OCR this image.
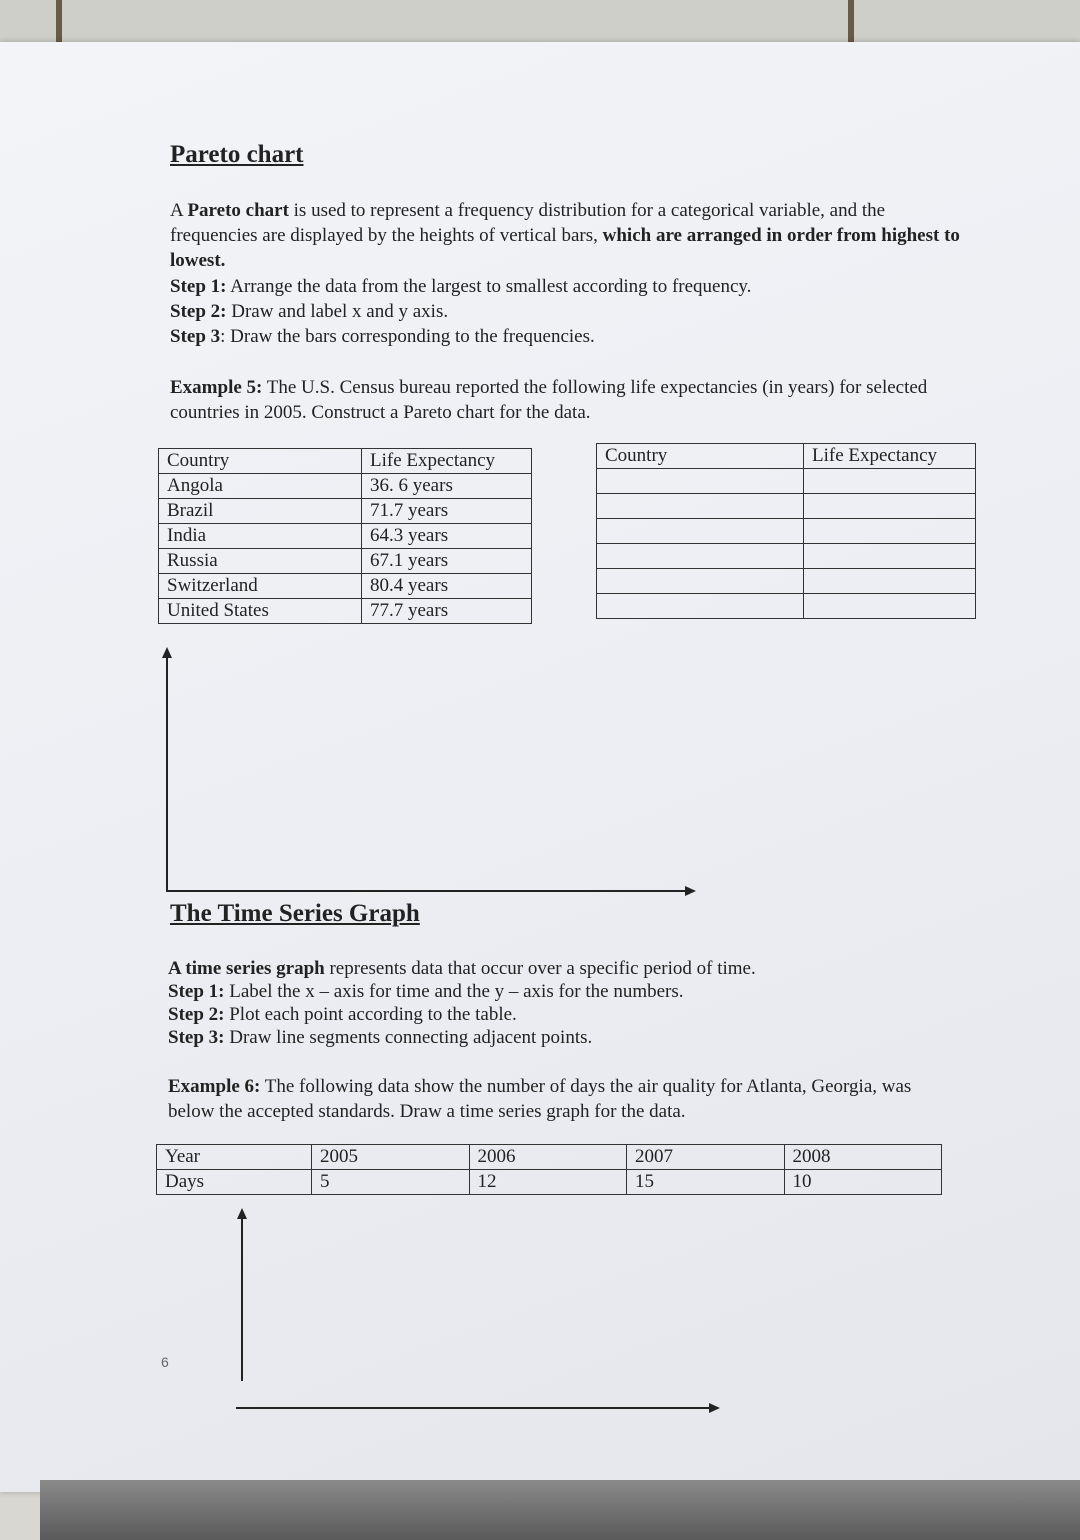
Pareto chart
A Pareto chart is used to represent a frequency distribution for a categorical variable, and the frequencies are displayed by the heights of vertical bars, which are arranged in order from highest to lowest.
Step 1: Arrange the data from the largest to smallest according to frequency.
Step 2: Draw and label x and y axis.
Step 3: Draw the bars corresponding to the frequencies.
Example 5: The U.S. Census bureau reported the following life expectancies (in years) for selected countries in 2005. Construct a Pareto chart for the data.
Country	Life Expectancy
Angola	36. 6 years
Brazil	71.7 years
India	64.3 years
Russia	67.1 years
Switzerland	80.4 years
United States	77.7 years
Country	Life Expectancy

The Time Series Graph
A time series graph represents data that occur over a specific period of time.
Step 1: Label the x – axis for time and the y – axis for the numbers.
Step 2: Plot each point according to the table.
Step 3: Draw line segments connecting adjacent points.
Example 6: The following data show the number of days the air quality for Atlanta, Georgia, was below the accepted standards. Draw a time series graph for the data.
Year	2005	2006	2007	2008
Days	5	12	15	10
6
